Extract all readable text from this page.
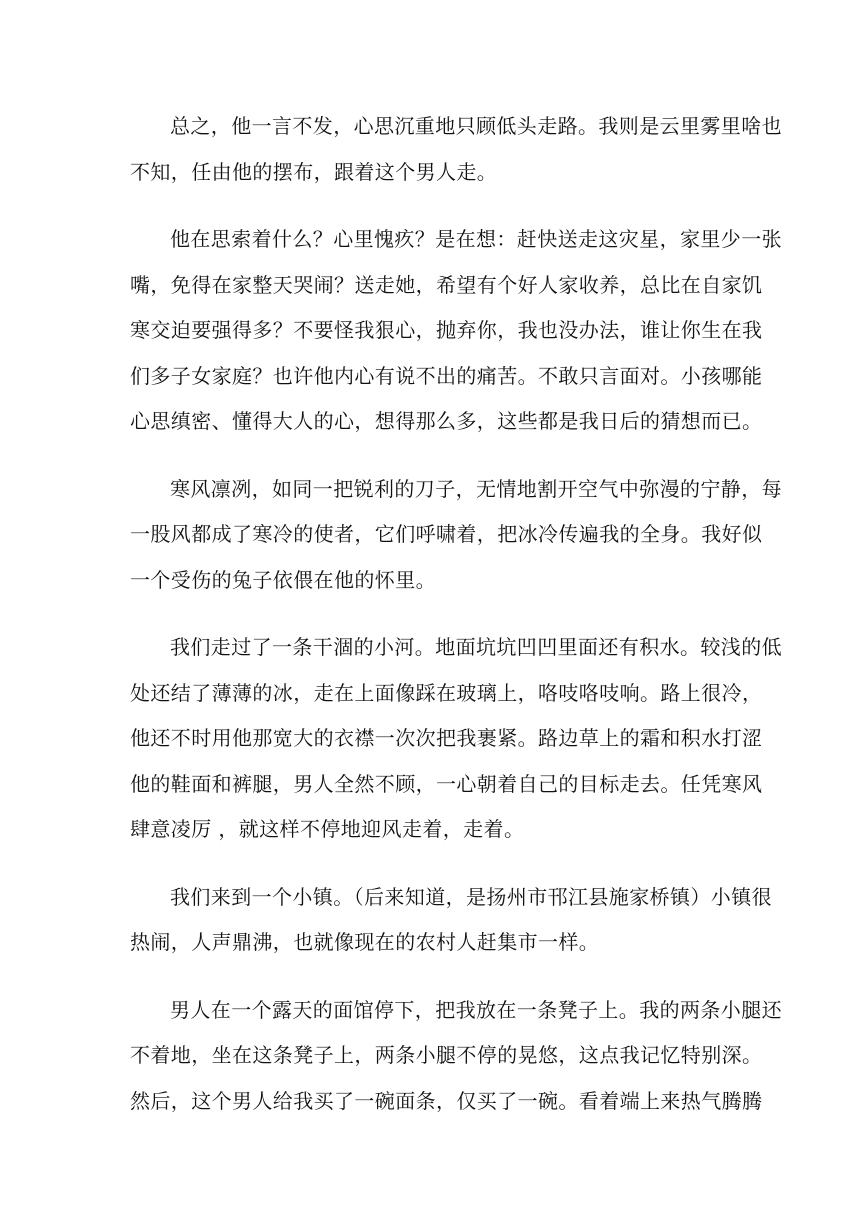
总之，他一言不发，心思沉重地只顾低头走路。我则是云里雾里啥也
不知，任由他的摆布，跟着这个男人走。

他在思索着什么？心里愧疚？是在想：赶快送走这灾星，家里少一张
嘴，免得在家整天哭闹？送走她，希望有个好人家收养，总比在自家饥
寒交迫要强得多？不要怪我狠心，抛弃你，我也没办法，谁让你生在我
们多子女家庭？也许他内心有说不出的痛苦。不敢只言面对。小孩哪能
心思缜密、懂得大人的心，想得那么多，这些都是我日后的猜想而已。

寒风凛冽，如同一把锐利的刀子，无情地割开空气中弥漫的宁静，每
一股风都成了寒冷的使者，它们呼啸着，把冰冷传遍我的全身。我好似
一个受伤的兔子依偎在他的怀里。

我们走过了一条干涸的小河。地面坑坑凹凹里面还有积水。较浅的低
处还结了薄薄的冰，走在上面像踩在玻璃上，咯吱咯吱响。路上很冷，
他还不时用他那宽大的衣襟一次次把我裹紧。路边草上的霜和积水打涩
他的鞋面和裤腿，男人全然不顾，一心朝着自己的目标走去。任凭寒风
肆意凌厉 ，就这样不停地迎风走着，走着。

我们来到一个小镇。（后来知道，是扬州市邗江县施家桥镇）小镇很
热闹，人声鼎沸，也就像现在的农村人赶集市一样。

男人在一个露天的面馆停下，把我放在一条凳子上。我的两条小腿还
不着地，坐在这条凳子上，两条小腿不停的晃悠，这点我记忆特别深。
然后，这个男人给我买了一碗面条，仅买了一碗。看着端上来热气腾腾
